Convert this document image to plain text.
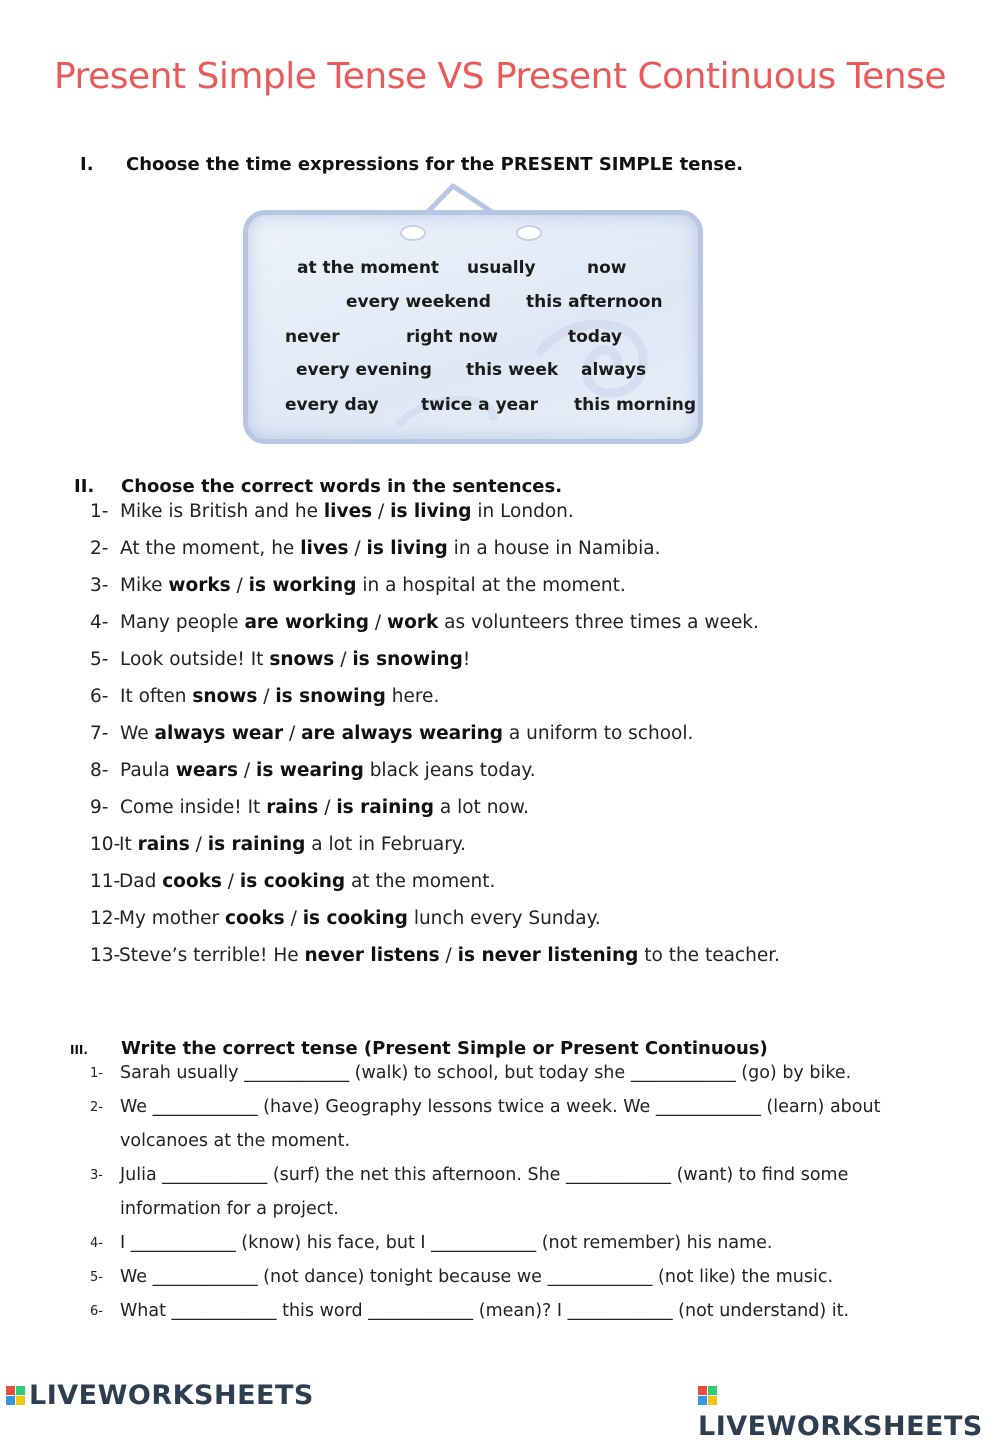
Present Simple Tense VS Present Continuous Tense
I. Choose the time expressions for the PRESENT SIMPLE tense.
at the moment usually	now
every weekend this afternoon
never	right now	today
every evening this week always
every day twice a year this morning
II. Choose the correct words in the sentences.
1- Mike is British and he lives / is living in London.
2- At the moment, he lives / is living in a house in Namibia.
3- Mike works / is working in a hospital at the moment.
4- Many people are working / work as volunteers three times a week.
5- Look outside! It snows / is snowing!
6- It often snows / is snowing here.
7- We always wear / are always wearing a uniform to school.
8- Paula wears / is wearing black jeans today.
9- Come inside! It rains / is raining a lot now.
10-It rains / is raining a lot in February.
11-Dad cooks / is cooking at the moment.
12-My mother cooks / is cooking lunch every Sunday.
13-Steve’s terrible! He never listens / is never listening to the teacher.
III. Write the correct tense (Present Simple or Present Continuous)
1- Sarah usually ____________ (walk) to school, but today she ____________ (go) by bike.
2- We ____________ (have) Geography lessons twice a week. We ____________ (learn) about
volcanoes at the moment.
3- Julia ____________ (surf) the net this afternoon. She ____________ (want) to find some
information for a project.
4- I ____________ (know) his face, but I ____________ (not remember) his name.
5- We ____________ (not dance) tonight because we ____________ (not like) the music.
6- What ____________ this word ____________ (mean)? I ____________ (not understand) it.
LIVEWORKSHEETS
LIVEWORKSHEETS
